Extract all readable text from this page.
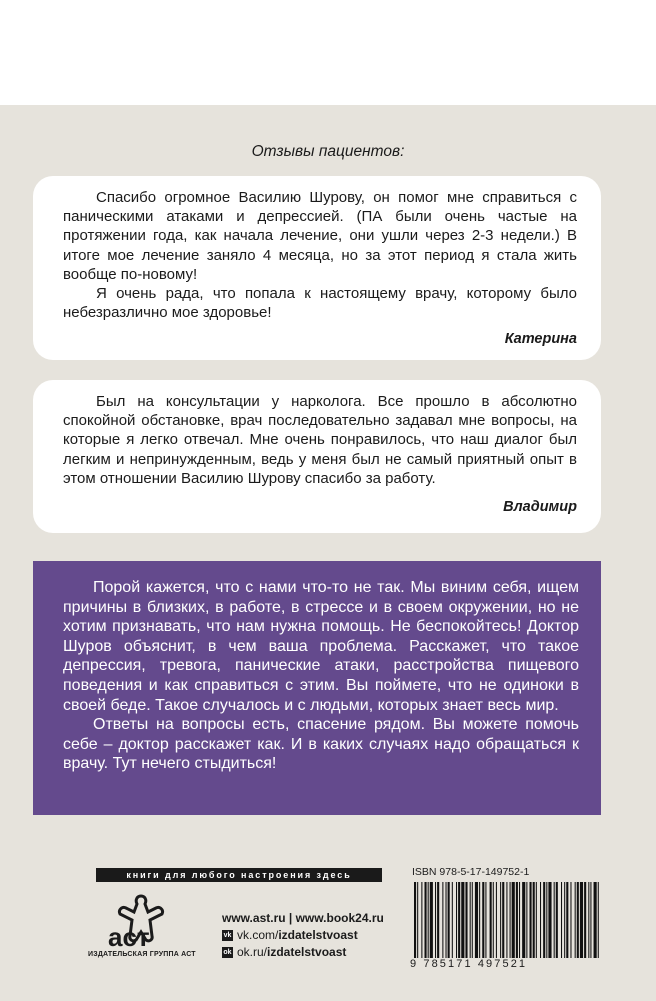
Отзывы пациентов:

Спасибо огромное Василию Шурову, он помог мне справиться с паническими атаками и депрессией. (ПА были очень частые на протяжении года, как начала лечение, они ушли через 2-3 недели.) В итоге мое лечение заняло 4 месяца, но за этот период я стала жить вообще по-новому!

Я очень рада, что попала к настоящему врачу, которому было небезразлично мое здоровье!

Катерина

Был на консультации у нарколога. Все прошло в абсолютно спокойной обстановке, врач последовательно задавал мне вопросы, на которые я легко отвечал. Мне очень понравилось, что наш диалог был легким и непринужденным, ведь у меня был не самый приятный опыт в этом отношении Василию Шурову спасибо за работу.

Владимир

Порой кажется, что с нами что-то не так. Мы виним себя, ищем причины в близких, в работе, в стрессе и в своем окружении, но не хотим признавать, что нам нужна помощь. Не беспокойтесь! Доктор Шуров объяснит, в чем ваша проблема. Расскажет, что такое депрессия, тревога, панические атаки, расстройства пищевого поведения и как справиться с этим. Вы поймете, что не одиноки в своей беде. Такое случалось и с людьми, которых знает весь мир.

Ответы на вопросы есть, спасение рядом. Вы можете помочь себе – доктор расскажет как. И в каких случаях надо обращаться к врачу. Тут нечего стыдиться!

книги для любого настроения здесь
аст
ИЗДАТЕЛЬСКАЯ ГРУППА АСТ
www.ast.ru | www.book24.ru
vk vk.com/izdatelstvoast
ok ok.ru/izdatelstvoast
ISBN 978-5-17-149752-1
9 785171 497521
